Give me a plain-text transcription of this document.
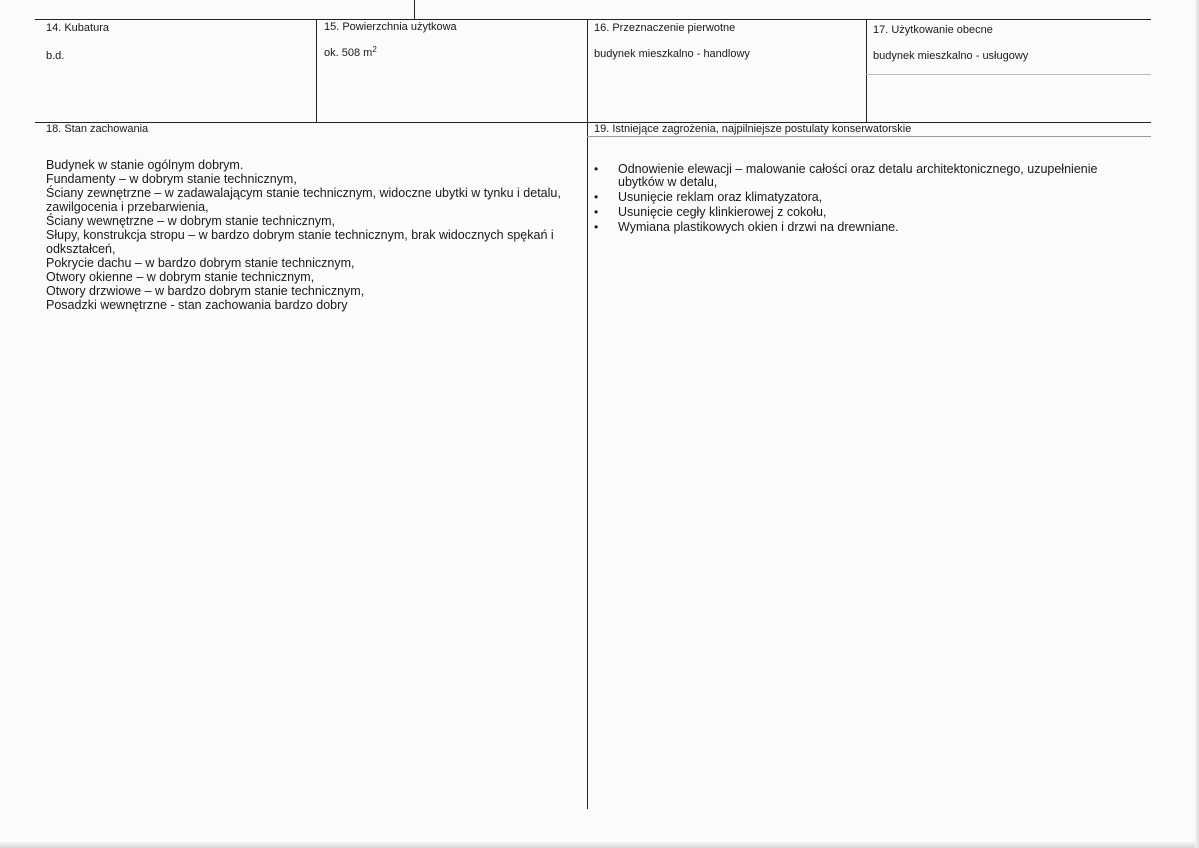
14. Kubatura
b.d.
15. Powierzchnia użytkowa
ok. 508 $m^2$
16. Przeznaczenie pierwotne
budynek mieszkalno - handlowy
17. Użytkowanie obecne
budynek mieszkalno - usługowy
18. Stan zachowania
Budynek w stanie ogólnym dobrym.
Fundamenty – w dobrym stanie technicznym,
Ściany zewnętrzne – w zadawalającym stanie technicznym, widoczne ubytki w tynku i detalu,
zawilgocenia i przebarwienia,
Ściany wewnętrzne – w dobrym stanie technicznym,
Słupy, konstrukcja stropu – w bardzo dobrym stanie technicznym, brak widocznych spękań i
odkształceń,
Pokrycie dachu – w bardzo dobrym stanie technicznym,
Otwory okienne – w dobrym stanie technicznym,
Otwory drzwiowe – w bardzo dobrym stanie technicznym,
Posadzki wewnętrzne - stan zachowania bardzo dobry
19. Istniejące zagrożenia, najpilniejsze postulaty konserwatorskie
• Odnowienie elewacji – malowanie całości oraz detalu architektonicznego, uzupełnienie
ubytków w detalu,
• Usunięcie reklam oraz klimatyzatora,
• Usunięcie cegły klinkierowej z cokołu,
• Wymiana plastikowych okien i drzwi na drewniane.
